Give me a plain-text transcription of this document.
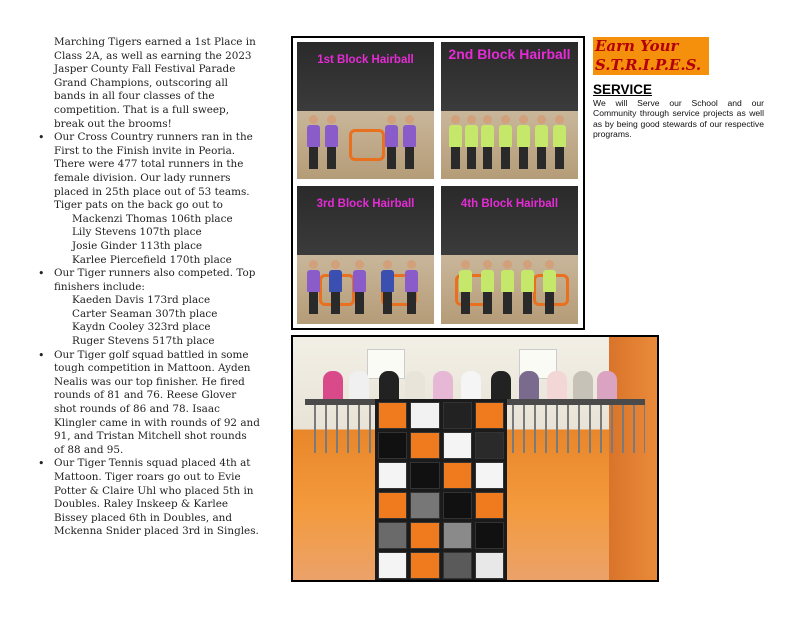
Marching Tigers earned a 1st Place in Class 2A, as well as earning the 2023 Jasper County Fall Festival Parade Grand Champions, outscoring all bands in all four classes of the competition. That is a full sweep, break out the brooms!

• Our Cross Country runners ran in the First to the Finish invite in Peoria. There were 477 total runners in the female division. Our lady runners placed in 25th place out of 53 teams. Tiger pats on the back go out to
Mackenzi Thomas 106th place
Lily Stevens 107th place
Josie Ginder 113th place
Karlee Piercefield 170th place
• Our Tiger runners also competed. Top finishers include:
Kaeden Davis 173rd place
Carter Seaman 307th place
Kaydn Cooley 323rd place
Ruger Stevens 517th place
• Our Tiger golf squad battled in some tough competition in Mattoon. Ayden Nealis was our top finisher. He fired rounds of 81 and 76. Reese Glover shot rounds of 86 and 78. Isaac Klingler came in with rounds of 92 and 91, and Tristan Mitchell shot rounds of 88 and 95.
• Our Tiger Tennis squad placed 4th at Mattoon. Tiger roars go out to Evie Potter & Claire Uhl who placed 5th in Doubles. Raley Inskeep & Karlee Bissey placed 6th in Doubles, and Mckenna Snider placed 3rd in Singles.
1st Block Hairball	2nd Block Hairball
3rd Block Hairball	4th Block Hairball
Earn Your
S.T.R.I.P.E.S.
SERVICE
We will Serve our School and our Community through service projects as well as by being good stewards of our respective programs.
